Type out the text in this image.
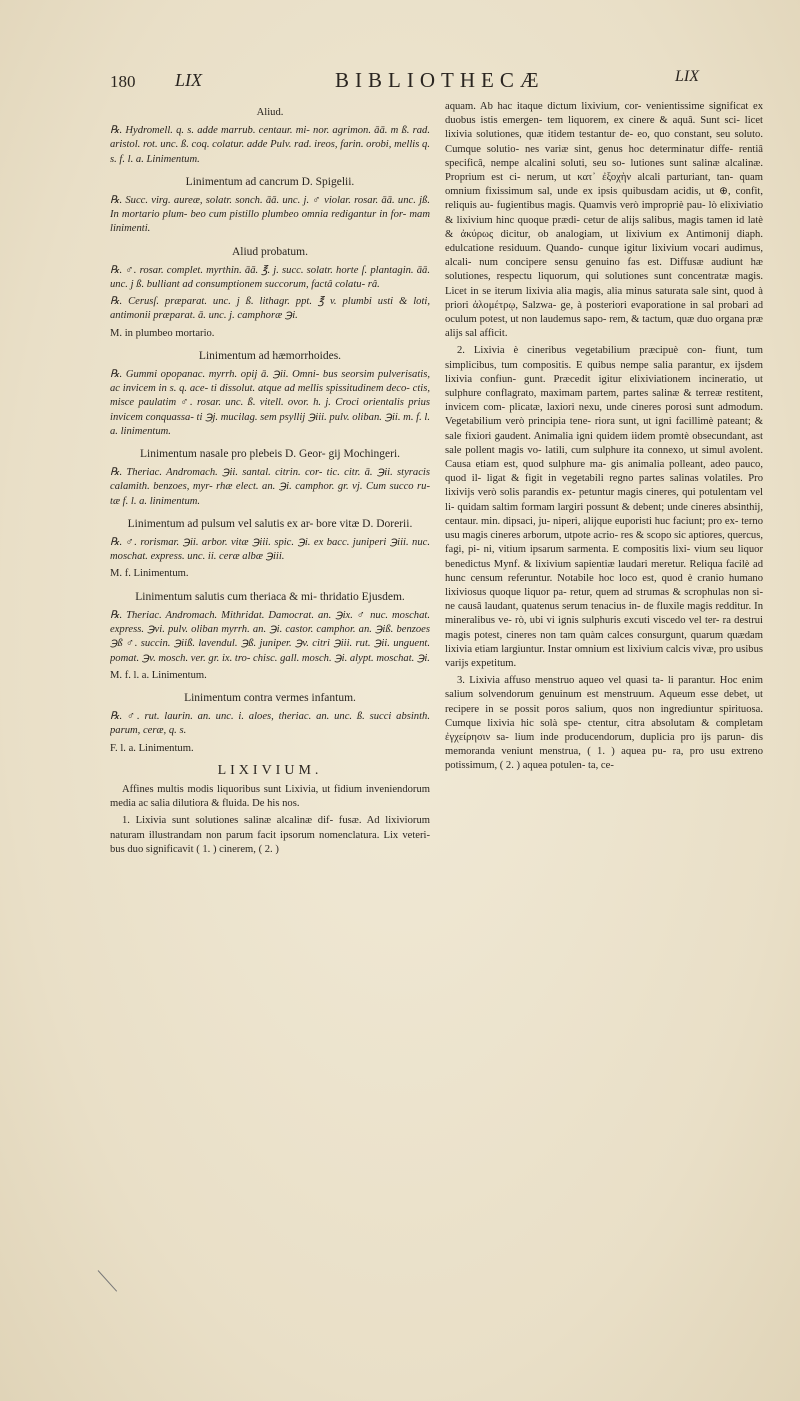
180 LIX	BIBLIOTHECÆ	LIX

Aliud.

℞. Hydromell. q. s. adde marrub. centaur. mi- nor. agrimon. āā. m ß. rad. aristol. rot. unc. ß. coq. colatur. adde Pulv. rad. ireos, farin. orobi, mellis q. s. f. l. a. Linimentum.

Linimentum ad cancrum D. Spigelii.

℞. Succ. virg. aureæ, solatr. sonch. āā. unc. j. ♂ violar. rosar. āā. unc. jß. In mortario plum- beo cum pistillo plumbeo omnia redigantur in for- mam linimenti.

Aliud probatum.

℞. ♂. rosar. complet. myrthin. āā. ℥. j. succ. solatr. horte ſ. plantagin. āā. unc. j ß. bulliant ad consumptionem succorum, factâ colatu- râ.

℞. Cerusſ. præparat. unc. j ß. lithagr. ppt. ℥ v. plumbi usti & loti, antimonii præparat. ā. unc. j. camphoræ ℈i.

M. in plumbeo mortario.

Linimentum ad hæmorrhoides.

℞. Gummi opopanac. myrrh. opij ā. ℈ii. Omni- bus seorsim pulverisatis, ac invicem in s. q. ace- ti dissolut. atque ad mellis spissitudinem deco- ctis, misce paulatim ♂. rosar. unc. ß. vitell. ovor. h. j. Croci orientalis prius invicem conquassa- ti ℈j. mucilag. sem psyllij ℈iii. pulv. oliban. ℈ii. m. f. l. a. linimentum.

Linimentum nasale pro plebeis D. Geor- gij Mochingeri.

℞. Theriac. Andromach. ℈ii. santal. citrin. cor- tic. citr. ā. ℈ii. styracis calamith. benzoes, myr- rhæ elect. an. ℈i. camphor. gr. vj. Cum succo ru- tæ f. l. a. linimentum.

Linimentum ad pulsum vel salutis ex ar- bore vitæ D. Dorerii.

℞. ♂. rorismar. ℈ii. arbor. vitæ ℈iii. spic. ℈i. ex bacc. juniperi ℈iii. nuc. moschat. express. unc. ii. ceræ albæ ℈iii.

M. f. Linimentum.

Linimentum salutis cum theriaca & mi- thridatio Ejusdem.

℞. Theriac. Andromach. Mithridat. Damocrat. an. ℈ix. ♂ nuc. moschat. express. ℈vi. pulv. oliban myrrh. an. ℈i. castor. camphor. an. ℈iß. benzoes ℈ß ♂. succin. ℈iiß. lavendul. ℈ß. juniper. ℈v. citri ℈iii. rut. ℈ii. unguent. pomat. ℈v. mosch. ver. gr. ix. tro- chisc. gall. mosch. ℈i. alypt. moschat. ℈i.

M. f. l. a. Linimentum.

Linimentum contra vermes infantum.

℞. ♂. rut. laurin. an. unc. i. aloes, theriac. an. unc. ß. succi absinth. parum, ceræ, q. s.

F. l. a. Linimentum.

LIXIVIUM.

Affines multis modis liquoribus sunt Lixivia, ut fidium inveniendorum media ac salia dilutiora & fluida. De his nos.

1. Lixivia sunt solutiones salinæ alcalinæ dif- fusæ. Ad lixiviorum naturam illustrandam non parum facit ipsorum nomenclatura. Lix veteri- bus duo significavit ( 1. ) cinerem, ( 2. )

aquam. Ab hac itaque dictum lixivium, cor- venientissime significat ex duobus istis emergen- tem liquorem, ex cinere & aquâ. Sunt sci- licet lixivia solutiones, quæ itidem testantur de- eo, quo constant, seu soluto. Cumque solutio- nes variæ sint, genus hoc determinatur diffe- rentiâ specificâ, nempe alcalini soluti, seu so- lutiones sunt salinæ alcalinæ. Proprium est ci- nerum, ut κατ᾽ ἐξοχὴν alcali parturiant, tan- quam omnium fixissimum sal, unde ex ipsis quibusdam acidis, ut ⊕, confit, reliquis au- fugientibus magis. Quamvis verò impropriè pau- lò elixiviatio & lixivium hinc quoque prædi- cetur de alijs salibus, magis tamen id latè & ἀκύρως dicitur, ob analogiam, ut lixivium ex Antimonij diaph. edulcatione residuum. Quando- cunque igitur lixivium vocari audimus, alcali- num concipere sensu genuino fas est. Diffusæ audiunt hæ solutiones, respectu liquorum, qui solutiones sunt concentratæ magis. Licet in se iterum lixivia alia magis, alia minus saturata sale sint, quod à priori ἀλομέτρῳ, Salzwa- ge, à posteriori evaporatione in sal probari ad oculum potest, ut non laudemus sapo- rem, & tactum, quæ duo organa præ alijs sal afficit.

2. Lixivia è cineribus vegetabilium præcipuè con- fiunt, tum simplicibus, tum compositis. E quibus nempe salia parantur, ex ijsdem lixivia confiun- gunt. Præcedit igitur elixiviationem incineratio, ut sulphure conflagrato, maximam partem, partes salinæ & terreæ restitent, invicem com- plicatæ, laxiori nexu, unde cineres porosi sunt admodum. Vegetabilium verò principia tene- riora sunt, ut igni facillimè pateant; & sale fixiori gaudent. Animalia igni quidem iidem promtè obsecundant, ast sale pollent magis vo- latili, cum sulphure ita connexo, ut simul avolent. Causa etiam est, quod sulphure ma- gis animalia polleant, adeo pauco, quod il- ligat & figit in vegetabili regno partes salinas volatiles. Pro lixivijs verò solis parandis ex- petuntur magis cineres, qui potulentam vel li- quidam saltim formam largiri possunt & debent; unde cineres absinthij, centaur. min. dipsaci, ju- niperi, alijque euporisti huc faciunt; pro ex- terno usu magis cineres arborum, utpote acrio- res & scopo sic aptiores, quercus, fagi, pi- ni, vitium ipsarum sarmenta. E compositis lixi- vium seu liquor benedictus Mynf. & lixivium sapientiæ laudari meretur. Reliqua facilè ad hunc censum referuntur. Notabile hoc loco est, quod è cranio humano lixiviosus quoque liquor pa- retur, quem ad strumas & scrophulas non si- ne causâ laudant, quatenus serum tenacius in- de fluxile magis redditur. In mineralibus ve- rò, ubi vi ignis sulphuris excuti viscedo vel ter- ra destrui magis potest, cineres non tam quàm calces consurgunt, quarum quædam lixivia etiam largiuntur. Instar omnium est lixivium calcis vivæ, pro usibus varijs expetitum.

3. Lixivia affuso menstruo aqueo vel quasi ta- li parantur. Hoc enim salium solvendorum genuinum est menstruum. Aqueum esse debet, ut recipere in se possit poros salium, quos non ingrediuntur spirituosa. Cumque lixivia hic solà spe- ctentur, citra absolutam & completam ἐγχείρησιν sa- lium inde producendorum, duplicia pro ijs parun- dis memoranda veniunt menstrua, ( 1. ) aquea pu- ra, pro usu extreno potissimum, ( 2. ) aquea potulen- ta, ce-
